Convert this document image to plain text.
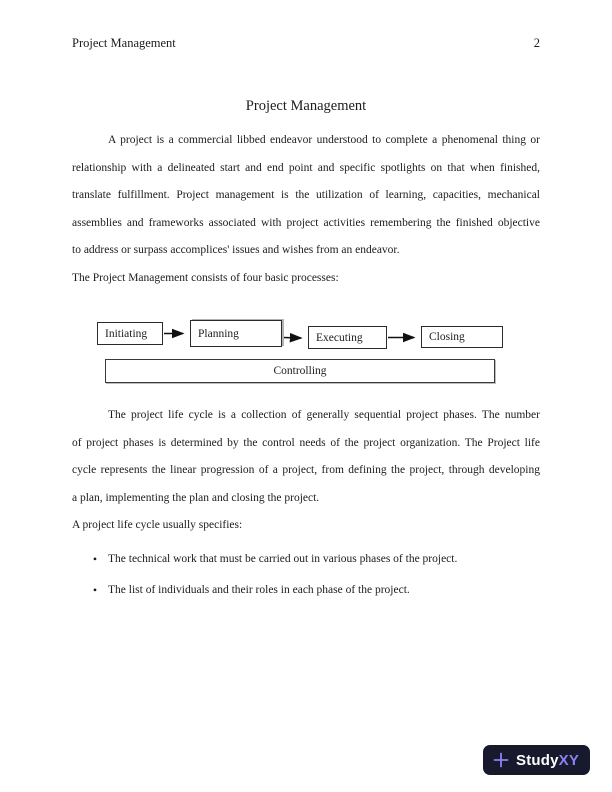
Project Management	2
Project Management
A project is a commercial libbed endeavor understood to complete a phenomenal thing or
relationship with a delineated start and end point and specific spotlights on that when finished,
translate fulfillment. Project management is the utilization of learning, capacities, mechanical
assemblies and frameworks associated with project activities remembering the finished objective
to address or surpass accomplices' issues and wishes from an endeavor.
The Project Management consists of four basic processes:
Initiating	Planning	Executing	Closing
Controlling
The project life cycle is a collection of generally sequential project phases. The number
of project phases is determined by the control needs of the project organization. The Project life
cycle represents the linear progression of a project, from defining the project, through developing
a plan, implementing the plan and closing the project.
A project life cycle usually specifies:
• The technical work that must be carried out in various phases of the project.
• The list of individuals and their roles in each phase of the project.
StudyXY
